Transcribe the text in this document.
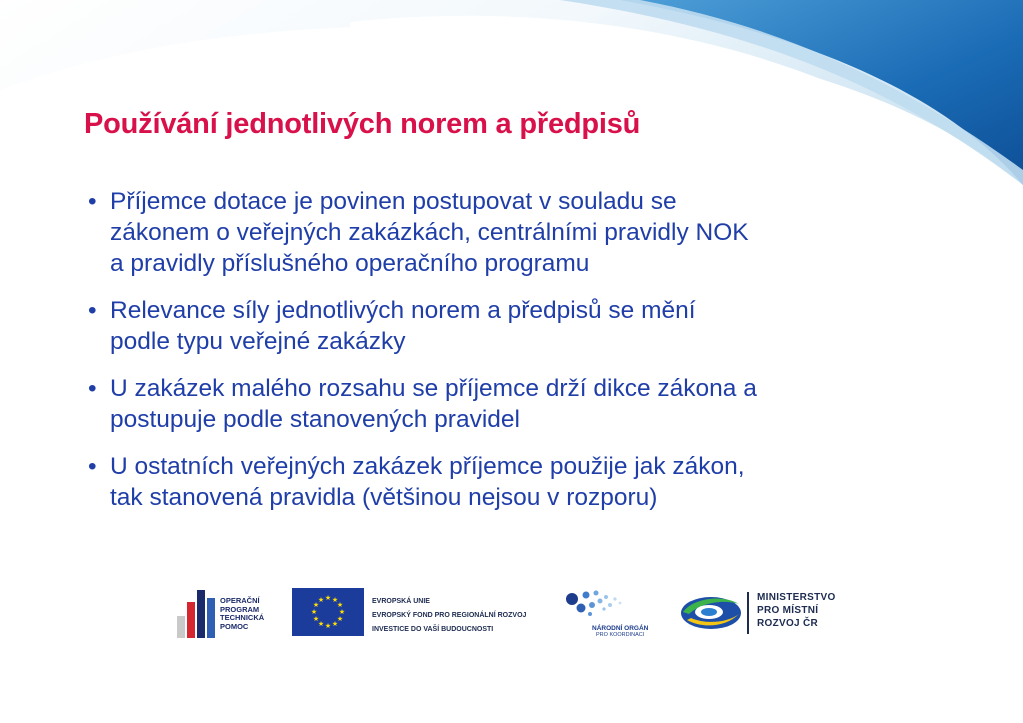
Používání jednotlivých norem a předpisů
• Příjemce dotace je povinen postupovat v souladu se
zákonem o veřejných zakázkách, centrálními pravidly NOK
a pravidly příslušného operačního programu
• Relevance síly jednotlivých norem a předpisů se mění
podle typu veřejné zakázky
• U zakázek malého rozsahu se příjemce drží dikce zákona a
postupuje podle stanovených pravidel
• U ostatních veřejných zakázek příjemce použije jak zákon,
tak stanovená pravidla (většinou nejsou v rozporu)
OPERAČNÍ
PROGRAM
TECHNICKÁ
POMOC
★ ★
★
★
★
★
★
★
★
★
★
★	EVROPSKÁ UNIE
EVROPSKÝ FOND PRO REGIONÁLNÍ ROZVOJ
INVESTICE DO VAŠÍ BUDOUCNOSTI	NÁRODNÍ ORGÁN
PRO KOORDINACI
MINISTERSTVO
PRO MÍSTNÍ
ROZVOJ ČR
